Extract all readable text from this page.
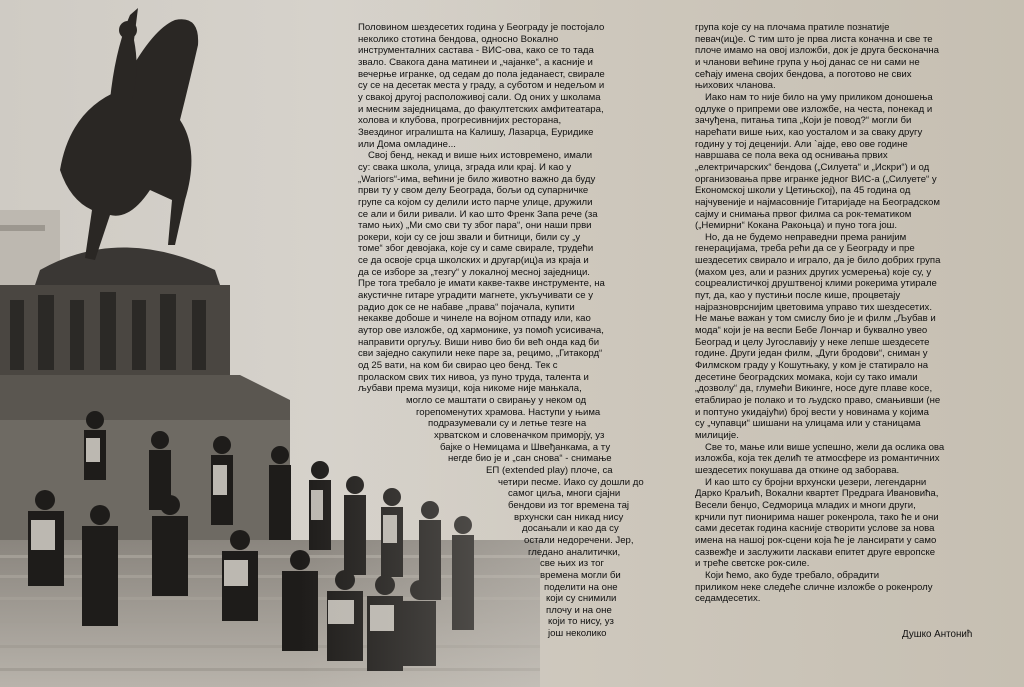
Половином шездесетих година у Београду је постојало
неколико стотина бендова, односно Вокално
инструменталних састава - ВИС-ова, како се то тада
звало. Свакога дана матинеи и „чајанке“, а касније и
вечерње игранке, од седам до пола једанаест, свирале
су се на десетак места у граду, а суботом и недељом и
у свакој другој расположивој сали. Од оних у школама
и месним заједницама, до факултетских амфитеатара,
холова и клубова, прогресивнијих ресторана,
Звездиног игралишта на Калишу, Лазарца, Еуридике
или Дома омладине...
Свој бенд, некад и више њих истовремено, имали
су: свака школа, улица, зграда или крај. И као у
„Wariors“-има, већини је било животно важно да буду
први ту у свом делу Београда, бољи од супарничке
групе са којом су делили исто парче улице, дружили
се али и били ривали. И као што Френк Запа рече (за
тамо њих) „Ми смо сви ту због пара“, они наши први
рокери, који су се још звали и битници, били су „у
томе“ због девојака, које су и саме свирале, трудећи
се да освоје срца школских и другар(иц)а из краја и
да се изборе за „тезгу“ у локалној месној заједници.
Пре тога требало је имати какве-такве инструменте, на
акустичне гитаре уградити магнете, укључивати се у
радио док се не набаве „права“ појачала, купити
некакве добоше и чинеле на војном отпаду или, као
аутор ове изложбе, од хармонике, уз помоћ усисивача,
направити оргуљу. Виши ниво био би већ онда кад би
сви заједно сакупили неке паре за, рецимо, „Гитакорд“
од 25 вати, на ком би свирао цео бенд. Тек с
проласком свих тих нивоа, уз пуно труда, талента и
љубави према музици, која никоме није мањкала,
могло се маштати о свирању у неком од
горепоменутих храмова. Наступи у њима
подразумевали су и летње тезге на
хрватском и словеначком приморју, уз
бајке о Немицама и Швеђанкама, а ту
негде био је и „сан снова“ - снимање
ЕП (extended play) плоче, са
четири песме. Иако су дошли до
самог циља, многи сјајни
бендови из тог времена тај
врхунски сан никад нису
досањали и као да су
остали недоречени. Јер,
гледано аналитички,
све њих из тог
времена могли би
поделити на оне
који су снимили
плочу и на оне
који то нису, уз
још неколико
група које су на плочама пратиле познатије
певач(иц)е. С тим што је прва листа коначна и све те
плоче имамо на овој изложби, док је друга бесконачна
и чланови већине група у њој данас се ни сами не
сећају имена својих бендова, а поготово не свих
њихових чланова.
Иако нам то није било на уму приликом доношења
одлуке о припреми ове изложбе, на честа, понекад и
зачуђена, питања типа „Који је повод?“ могли би
нарећати више њих, као уосталом и за сваку другу
годину у тој деценији. Али `ајде, ево ове године
навршава се пола века од оснивања првих
„електричарских“ бендова („Силуета“ и „Искри“) и од
организовања прве игранке једног ВИС-а („Силуете“ у
Економској школи у Цетињској), па 45 година од
најчувеније и најмасовније Гитаријаде на Београдском
сајму и снимања првог филма са рок-тематиком
(„Немирни“ Кокана Ракоњца) и пуно тога још.
Но, да не будемо неправедни према ранијим
генерацијама, треба рећи да се у Београду и пре
шездесетих свирало и играло, да је било добрих група
(махом џез, али и разних других усмерења) које су, у
соцреалистичкој друштвеној клими рокерима утирале
пут, да, као у пустињи после кише, процветају
најразноврснијим цветовима управо тих шездесетих.
Не мање важан у том смислу био је и филм „Љубав и
мода“ који је на веспи Бебе Лончар и буквално увео
Београд и целу Југославију у неке лепше шездесете
године. Други један филм, „Дуги бродови“, сниман у
Филмском граду у Кошутњаку, у ком је статирало на
десетине београдских момака, који су тако имали
„дозволу“ да, глумећи Викинге, носе дуге плаве косе,
етаблирао је полако и то људско право, смањивши (не
и поптуно укидајући) број вести у новинама у којима
су „чупавци“ шишани на улицама или у станицама
милиције.
Све то, мање или више успешно, жели да ослика ова
изложба, која тек делић те атмосфере из романтичних
шездесетих покушава да откине од заборава.
И као што су бројни врхунски џезери, легендарни
Дарко Краљић, Вокални квартет Предрага Ивановића,
Весели бенџо, Седморица младих и многи други,
крчили пут пионирима нашег рокенрола, тако ће и они
сами десетак година касније створити услове за нова
имена на нашој рок-сцени која ће је лансирати у само
сазвежђе и заслужити ласкави епитет друге европске
и треће светске рок-силе.
Који ћемо, ако буде требало, обрадити
приликом неке следеће сличне изложбе о рокенролу
седамдесетих.
Душко Антонић
